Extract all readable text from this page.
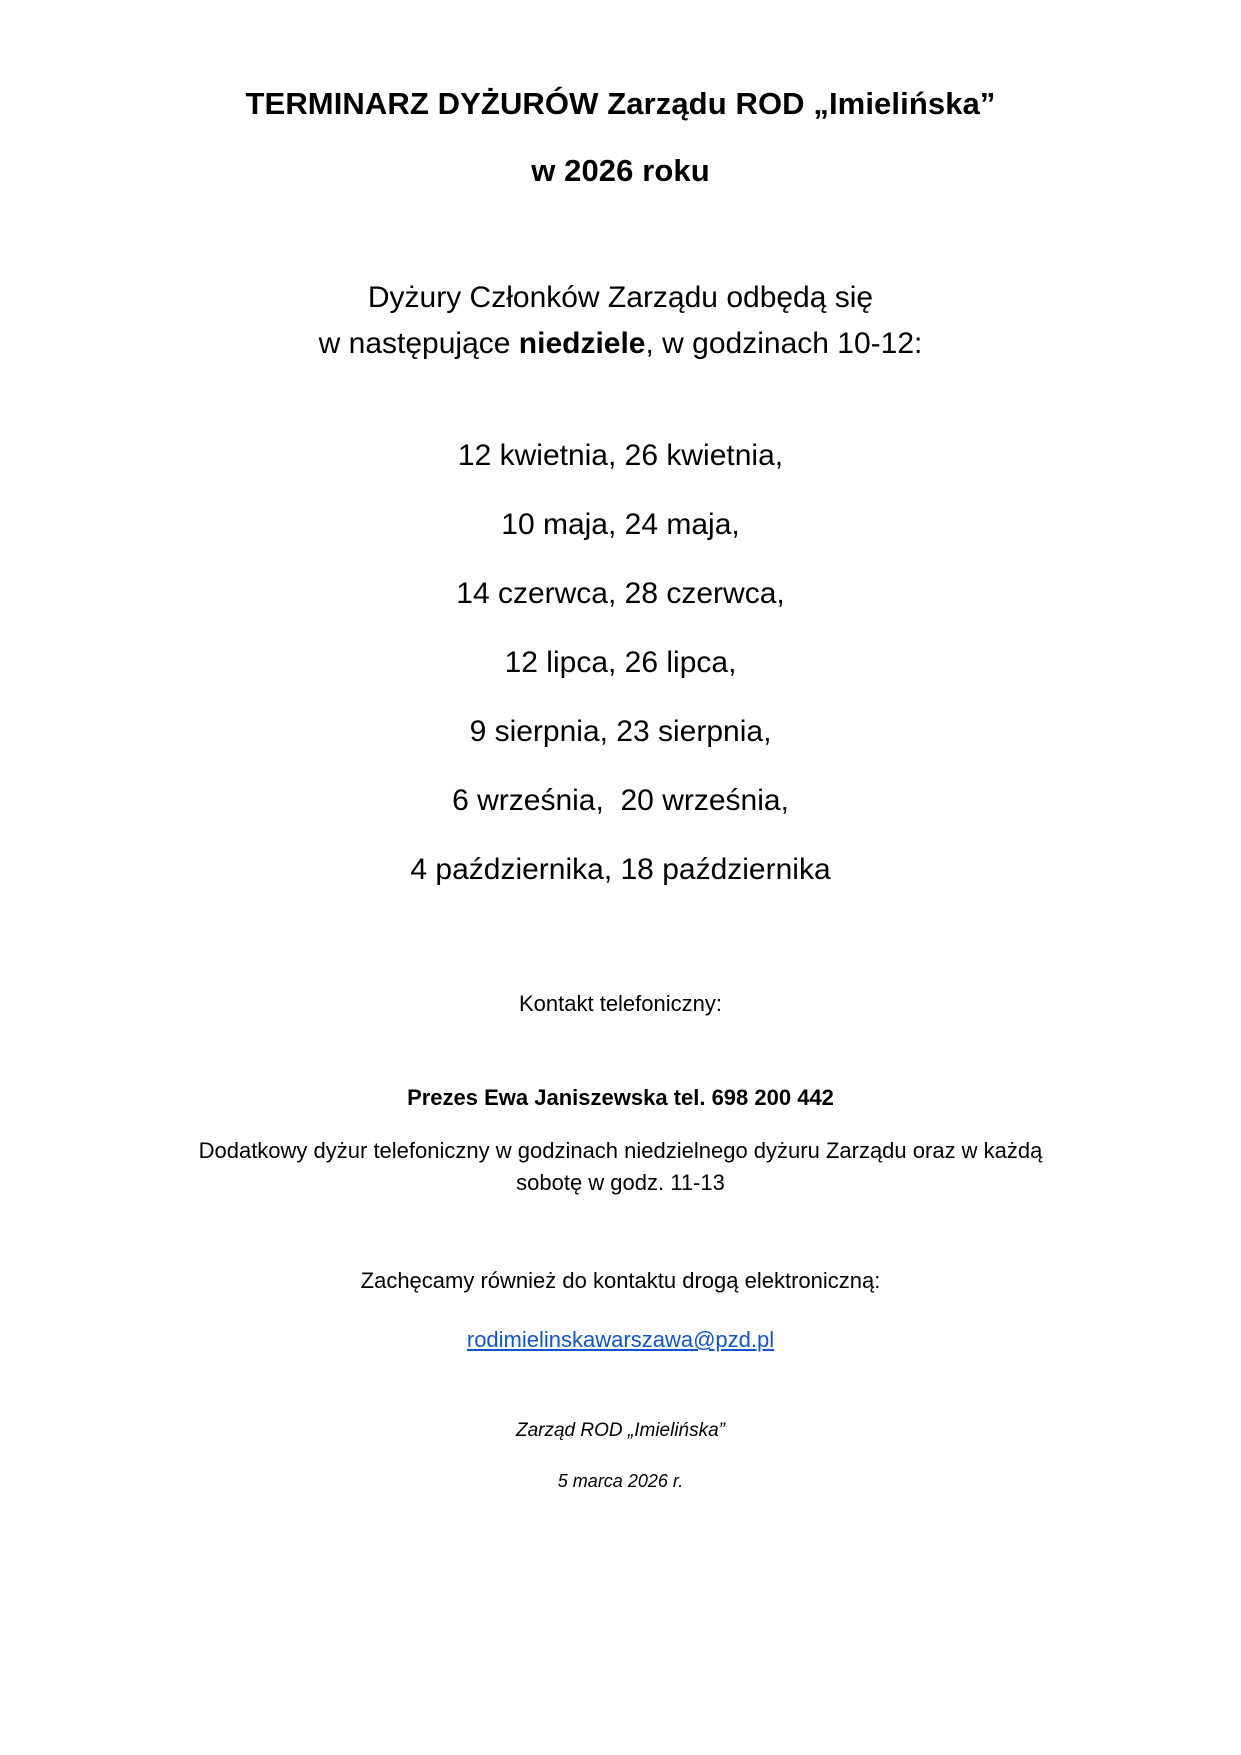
TERMINARZ DYŻURÓW Zarządu ROD „Imielińska”
w 2026 roku
Dyżury Członków Zarządu odbędą się
w następujące niedziele, w godzinach 10-12:
12 kwietnia, 26 kwietnia,
10 maja, 24 maja,
14 czerwca, 28 czerwca,
12 lipca, 26 lipca,
9 sierpnia, 23 sierpnia,
6 września,  20 września,
4 października, 18 października
Kontakt telefoniczny:
Prezes Ewa Janiszewska tel. 698 200 442
Dodatkowy dyżur telefoniczny w godzinach niedzielnego dyżuru Zarządu oraz w każdą sobotę w godz. 11-13
Zachęcamy również do kontaktu drogą elektroniczną:
rodimielinskawarszawa@pzd.pl
Zarząd ROD „Imielińska”
5 marca 2026 r.
